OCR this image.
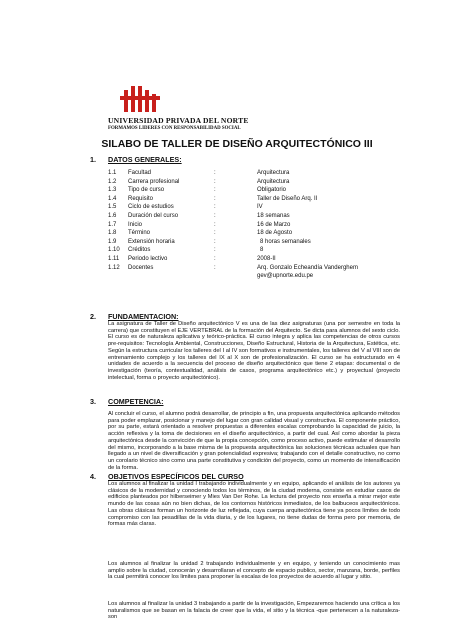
UNIVERSIDAD PRIVADA DEL NORTE
FORMAMOS LIDERES CON RESPONSABILIDAD SOCIAL
SILABO DE TALLER DE DISEÑO ARQUITECTÓNICO III
1. DATOS GENERALES:
1.1 Facultad	:	Arquitectura
1.2 Carrera profesional	:	Arquitectura
1.3 Tipo de curso	:	Obligatorio
1.4 Requisito	:	Taller de Diseño Arq. II
1.5 Ciclo de estudios	:	IV
1.6 Duración del curso	:	18 semanas
1.7 Inicio	:	16 de Marzo
1.8 Término	:	18 de Agosto
1.9 Extensión horaria	:	8 horas semanales
1.10 Créditos	:	8
1.11 Periodo lectivo	:	2008-II
1.12 Docentes	:	Arq. Gonzalo Echeandía Vanderghem
gev@upnorte.edu.pe
2. FUNDAMENTACION:
La asignatura de Taller de Diseño arquitectónico V es una de las diez asignaturas (una por semestre en toda la carrera) que constituyen el EJE VERTEBRAL de la formación del Arquitecto. Se dicta para alumnos del sexto ciclo. El curso es de naturaleza aplicativa y teórico-práctica. El curso integra y aplica las competencias de otros cursos pre-requisitos: Tecnología Ambiental, Construcciones, Diseño Estructural, Historia de la Arquitectura, Estética, etc. Según la estructura curricular los talleres del I al IV son formativos e instrumentales, los talleres del V al VIII son de entrenamiento complejo y los talleres del IX al X son de profesionalización. El curso se ha estructurado en 4 unidades de acuerdo a la secuencia del proceso de diseño arquitectónico que tiene 2 etapas: documental o de investigación (teoría, contextualidad, análisis de casos, programa arquitectónico etc.) y proyectual (proyecto intelectual, forma o proyecto arquitectónico).
3. COMPETENCIA:
Al concluir el curso, el alumno podrá desarrollar, de principio a fin, una propuesta arquitectónica aplicando métodos para poder emplazar, posicionar y manejo del lugar con gran calidad visual y constructiva. El componente práctico, por su parte, estará orientado a resolver propuestas a diferentes escalas comprobando la capacidad de juicio, la acción reflexiva y la toma de decisiones en el diseño arquitectónico, a partir del cual. Así como abordar la pieza arquitectónica desde la convicción de que la propia concepción, como proceso activo, puede estimular el desarrollo del mismo, incorporando a la base misma de la propuesta arquitectónica las soluciones técnicas actuales que han llegado a un nivel de diversificación y gran potencialidad expresiva; trabajando con el detalle constructivo, no como un corolario técnico sino como una parte constitutiva y condición del proyecto, como un momento de intensificación de la forma.
4. OBJETIVOS ESPECÍFICOS DEL CURSO
Los alumnos al finalizar la unidad I trabajando individualmente y en equipo, aplicando el análisis de los autores ya clásicos de la modernidad y conociendo todos los términos, de la ciudad moderna, consiste en estudiar casos de edificios planteados por hilberseimer y Mies Van Der Rohe. La lectura del proyecto nos enseña a mirar mejor este mundo de las cosas aún no bien dichas, de los contornos históricos inmediatos, de los balbuceos arquitectónicos. Las obras clásicas forman un horizonte de luz reflejada, cuya cuerpa arquitectónica tiene ya pocos límites de todo compromiso con las pesadillas de la vida diaria, y de los lugares, no tiene dudas de forma pero por memoria, de formas más claras.
Los alumnos al finalizar la unidad 2 trabajando individualmente y en equipo, y teniendo un conocimiento mas amplio sobre la ciudad, conocerán y desarrollaran el concepto de espacio publico, sector, manzana, borde, perfiles la cual permitirá conocer los limites para proponer la escalas de los proyectos de acuerdo al lugar y sitio.
Los alumnos al finalizar la unidad 3 trabajando a partir de la investigación, Empezaremos haciendo una crítica a los naturalismos que se basan en la falacia de creer que la vida, el sitio y la técnica -que pertenecen a la naturaleza- son
